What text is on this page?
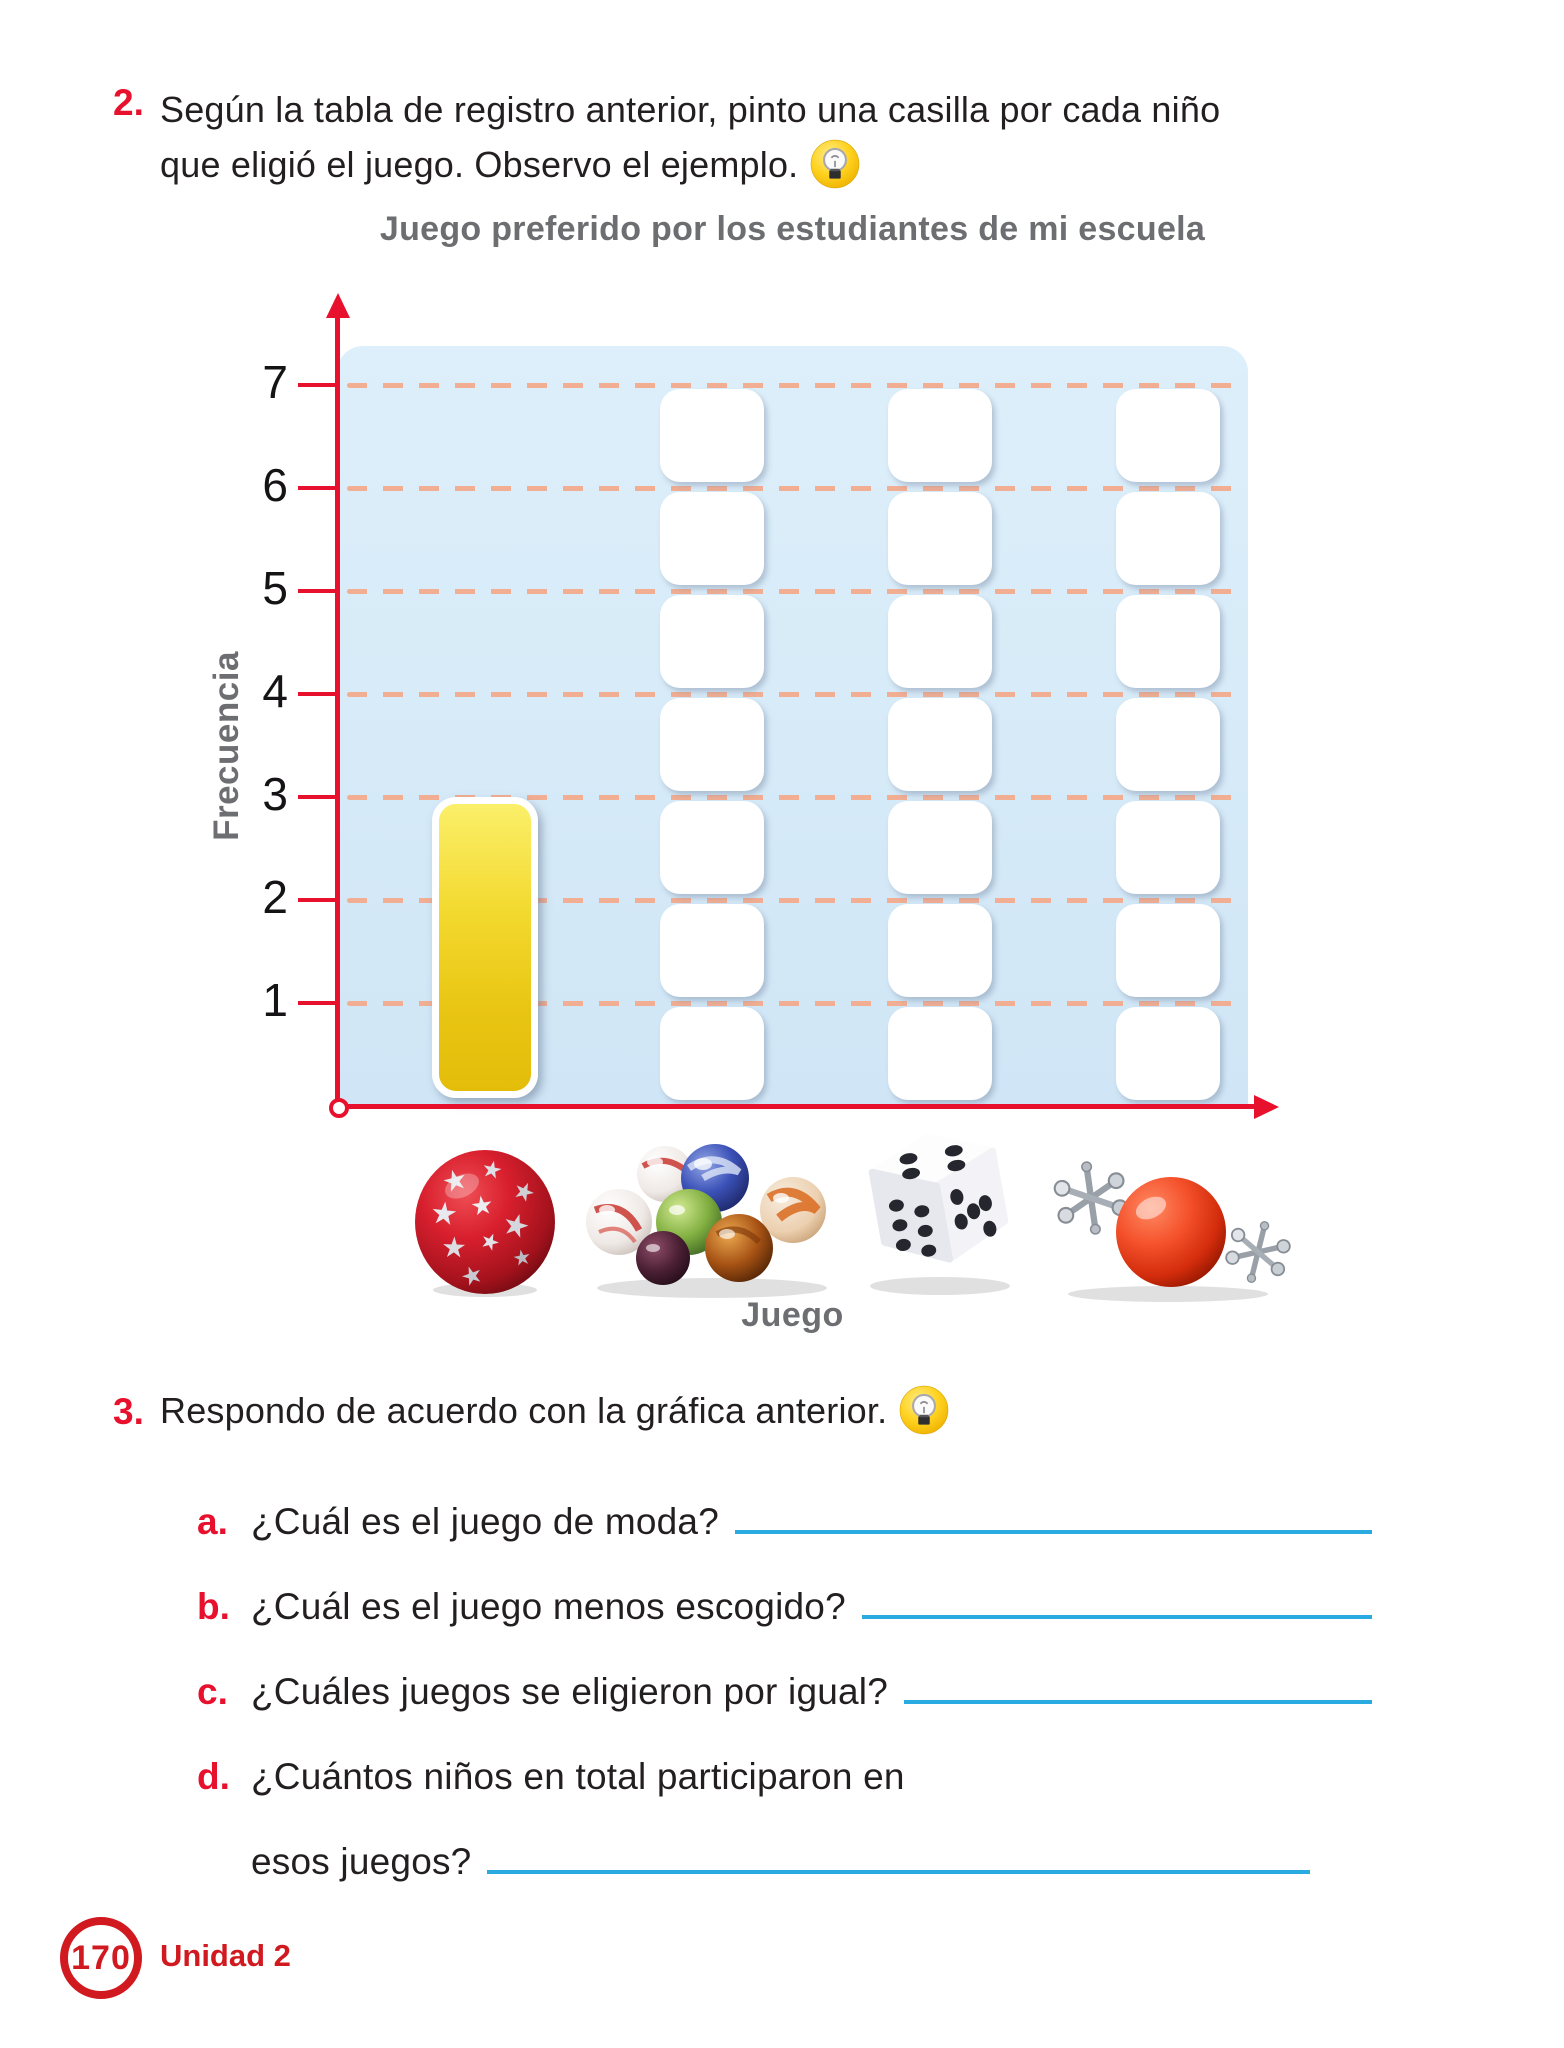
2. Según la tabla de registro anterior, pinto una casilla por cada niño
que eligió el juego. Observo el ejemplo.
Juego preferido por los estudiantes de mi escuela
1
2
3
4
5
6
7
Frecuencia
Juego
3. Respondo de acuerdo con la gráfica anterior.
a. ¿Cuál es el juego de moda?
b. ¿Cuál es el juego menos escogido?
c. ¿Cuáles juegos se eligieron por igual?
d. ¿Cuántos niños en total participaron en
esos juegos?
170 Unidad 2
